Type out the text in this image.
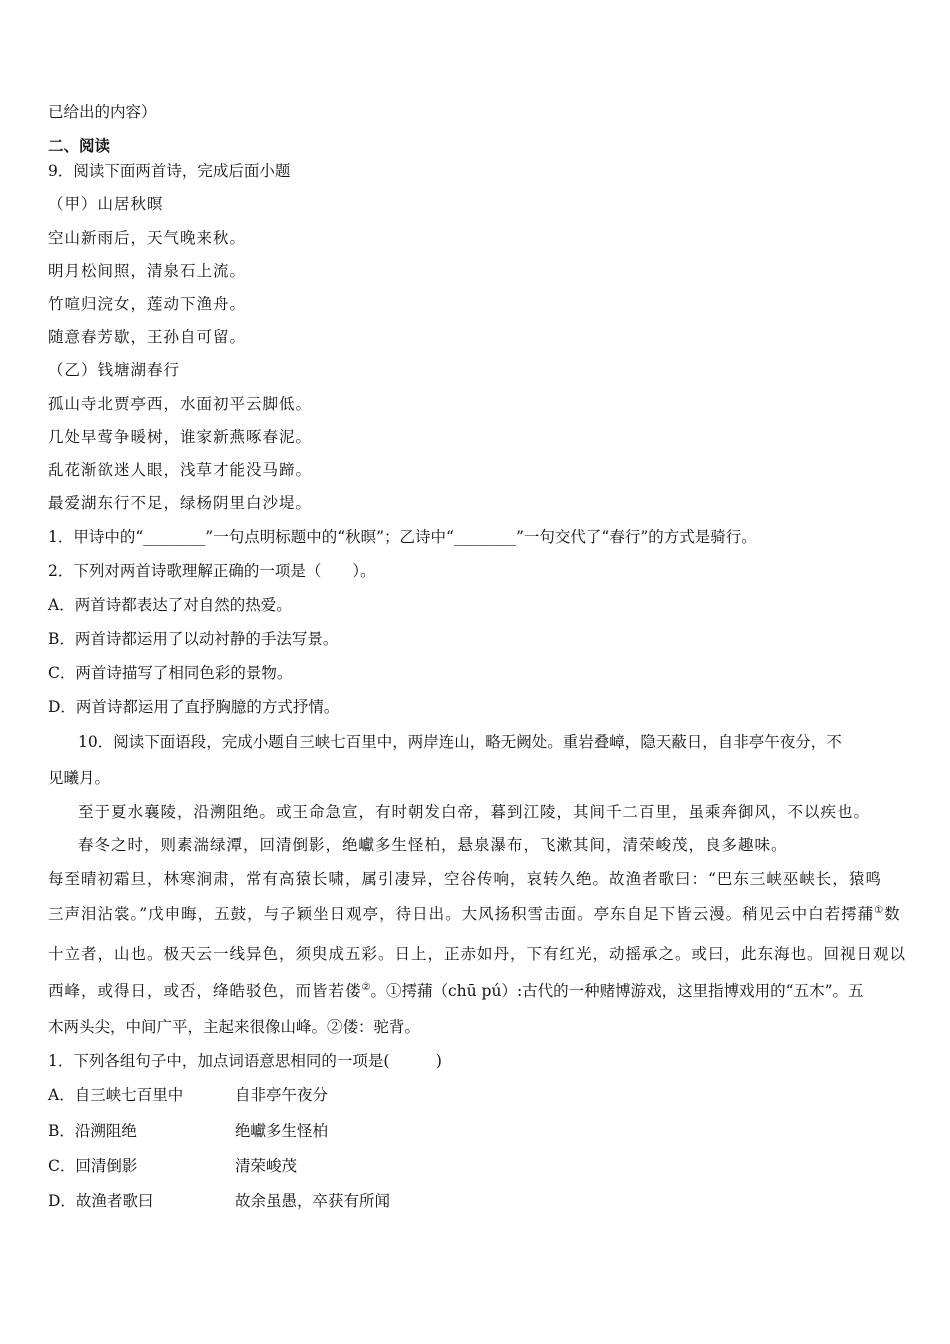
已给出的内容）
二、阅读
9．阅读下面两首诗，完成后面小题
（甲）山居秋暝
空山新雨后，天气晚来秋。
明月松间照，清泉石上流。
竹喧归浣女，莲动下渔舟。
随意春芳歇，王孙自可留。
（乙）钱塘湖春行
孤山寺北贾亭西，水面初平云脚低。
几处早莺争暖树，谁家新燕啄春泥。
乱花渐欲迷人眼，浅草才能没马蹄。
最爱湖东行不足，绿杨阴里白沙堤。
1．甲诗中的“________”一句点明标题中的“秋暝”；乙诗中“________”一句交代了“春行”的方式是骑行。
2．下列对两首诗歌理解正确的一项是（　　）。
A．两首诗都表达了对自然的热爱。
B．两首诗都运用了以动衬静的手法写景。
C．两首诗描写了相同色彩的景物。
D．两首诗都运用了直抒胸臆的方式抒情。
10．阅读下面语段，完成小题自三峡七百里中，两岸连山，略无阙处。重岩叠嶂，隐天蔽日，自非亭午夜分，不
见曦月。
至于夏水襄陵，沿溯阻绝。或王命急宣，有时朝发白帝，暮到江陵，其间千二百里，虽乘奔御风，不以疾也。
春冬之时，则素湍绿潭，回清倒影，绝巘多生怪柏，悬泉瀑布，飞漱其间，清荣峻茂，良多趣味。
每至晴初霜旦，林寒涧肃，常有高猿长啸，属引凄异，空谷传响，哀转久绝。故渔者歌曰：“巴东三峡巫峡长，猿鸣
三声泪沾裳。”戊申晦，五鼓，与子颖坐日观亭，待日出。大风扬积雪击面。亭东自足下皆云漫。稍见云中白若摴蒱①数
十立者，山也。极天云一线异色，须臾成五彩。日上，正赤如丹，下有红光，动摇承之。或曰，此东海也。回视日观以
西峰，或得日，或否，绛皓驳色，而皆若偻②。①摴蒱（chū pú）:古代的一种赌博游戏，这里指博戏用的“五木”。五
木两头尖，中间广平，主起来很像山峰。②偻：驼背。
1．下列各组句子中，加点词语意思相同的一项是(　　　)
A．自三峡七百里中	自非亭午夜分
B．沿溯阻绝	绝巘多生怪柏
C．回清倒影	清荣峻茂
D．故渔者歌曰	故余虽愚，卒获有所闻
